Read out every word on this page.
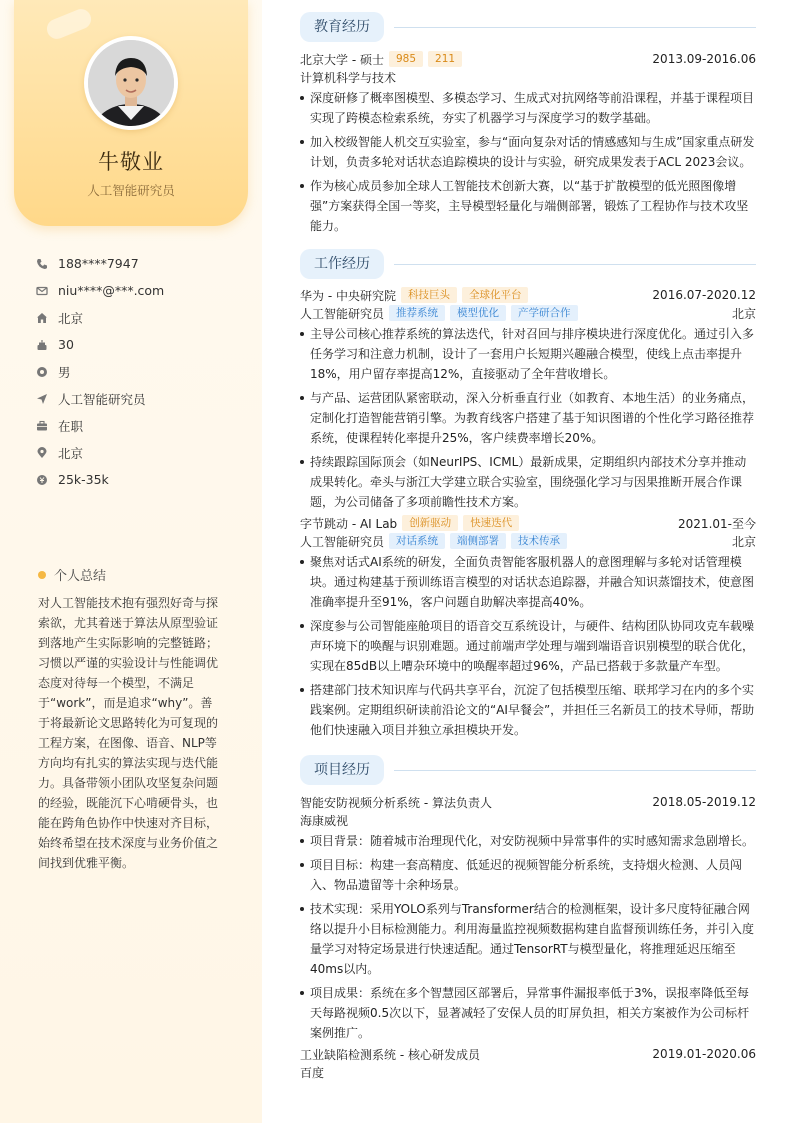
牛敬业
人工智能研究员
188****7947
niu****@***.com
北京
30
男
人工智能研究员
在职
北京
25k-35k
个人总结
对人工智能技术抱有强烈好奇与探索欲，尤其着迷于算法从原型验证到落地产生实际影响的完整链路；习惯以严谨的实验设计与性能调优态度对待每一个模型，不满足于“work”，而是追求“why”。善于将最新论文思路转化为可复现的工程方案，在图像、语音、NLP等方向均有扎实的算法实现与迭代能力。具备带领小团队攻坚复杂问题的经验，既能沉下心啃硬骨头，也能在跨角色协作中快速对齐目标，始终希望在技术深度与业务价值之间找到优雅平衡。
教育经历
北京大学 - 硕士	985	211	2013.09-2016.06
计算机科学与技术
深度研修了概率图模型、多模态学习、生成式对抗网络等前沿课程，并基于课程项目实现了跨模态检索系统，夯实了机器学习与深度学习的数学基础。
加入校级智能人机交互实验室，参与“面向复杂对话的情感感知与生成”国家重点研发计划，负责多轮对话状态追踪模块的设计与实验，研究成果发表于ACL 2023会议。
作为核心成员参加全球人工智能技术创新大赛，以“基于扩散模型的低光照图像增强”方案获得全国一等奖，主导模型轻量化与端侧部署，锻炼了工程协作与技术攻坚能力。
工作经历
华为 - 中央研究院	科技巨头	全球化平台	2016.07-2020.12
人工智能研究员	推荐系统	模型优化	产学研合作	北京
主导公司核心推荐系统的算法迭代，针对召回与排序模块进行深度优化。通过引入多任务学习和注意力机制，设计了一套用户长短期兴趣融合模型，使线上点击率提升18%，用户留存率提高12%，直接驱动了全年营收增长。
与产品、运营团队紧密联动，深入分析垂直行业（如教育、本地生活）的业务痛点，定制化打造智能营销引擎。为教育线客户搭建了基于知识图谱的个性化学习路径推荐系统，使课程转化率提升25%，客户续费率增长20%。
持续跟踪国际顶会（如NeurIPS、ICML）最新成果，定期组织内部技术分享并推动成果转化。牵头与浙江大学建立联合实验室，围绕强化学习与因果推断开展合作课题，为公司储备了多项前瞻性技术方案。
字节跳动 - AI Lab	创新驱动	快速迭代	2021.01-至今
人工智能研究员	对话系统	端侧部署	技术传承	北京
聚焦对话式AI系统的研发，全面负责智能客服机器人的意图理解与多轮对话管理模块。通过构建基于预训练语言模型的对话状态追踪器，并融合知识蒸馏技术，使意图准确率提升至91%，客户问题自助解决率提高40%。
深度参与公司智能座舱项目的语音交互系统设计，与硬件、结构团队协同攻克车载噪声环境下的唤醒与识别难题。通过前端声学处理与端到端语音识别模型的联合优化，实现在85dB以上嘈杂环境中的唤醒率超过96%，产品已搭载于多款量产车型。
搭建部门技术知识库与代码共享平台，沉淀了包括模型压缩、联邦学习在内的多个实践案例。定期组织研读前沿论文的“AI早餐会”，并担任三名新员工的技术导师，帮助他们快速融入项目并独立承担模块开发。
项目经历
智能安防视频分析系统 - 算法负责人	2018.05-2019.12
海康威视
项目背景：随着城市治理现代化，对安防视频中异常事件的实时感知需求急剧增长。
项目目标：构建一套高精度、低延迟的视频智能分析系统，支持烟火检测、人员闯入、物品遗留等十余种场景。
技术实现：采用YOLO系列与Transformer结合的检测框架，设计多尺度特征融合网络以提升小目标检测能力。利用海量监控视频数据构建自监督预训练任务，并引入度量学习对特定场景进行快速适配。通过TensorRT与模型量化，将推理延迟压缩至40ms以内。
项目成果：系统在多个智慧园区部署后，异常事件漏报率低于3%，误报率降低至每天每路视频0.5次以下，显著减轻了安保人员的盯屏负担，相关方案被作为公司标杆案例推广。
工业缺陷检测系统 - 核心研发成员	2019.01-2020.06
百度
